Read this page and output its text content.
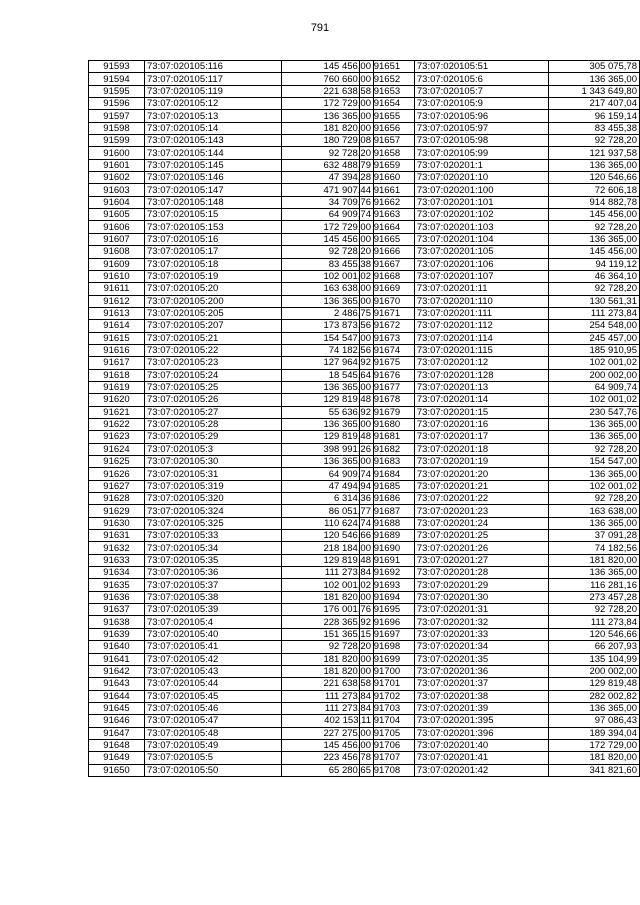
791
91593	73:07:020105:116	145 456,00
91594	73:07:020105:117	760 660,00
91595	73:07:020105:119	221 638,58
91596	73:07:020105:12	172 729,00
91597	73:07:020105:13	136 365,00
91598	73:07:020105:14	181 820,00
91599	73:07:020105:143	180 729,08
91600	73:07:020105:144	92 728,20
91601	73:07:020105:145	632 488,79
91602	73:07:020105:146	47 394,28
91603	73:07:020105:147	471 907,44
91604	73:07:020105:148	34 709,76
91605	73:07:020105:15	64 909,74
91606	73:07:020105:153	172 729,00
91607	73:07:020105:16	145 456,00
91608	73:07:020105:17	92 728,20
91609	73:07:020105:18	83 455,38
91610	73:07:020105:19	102 001,02
91611	73:07:020105:20	163 638,00
91612	73:07:020105:200	136 365,00
91613	73:07:020105:205	2 486,75
91614	73:07:020105:207	173 873,56
91615	73:07:020105:21	154 547,00
91616	73:07:020105:22	74 182,56
91617	73:07:020105:23	127 964,92
91618	73:07:020105:24	18 545,64
91619	73:07:020105:25	136 365,00
91620	73:07:020105:26	129 819,48
91621	73:07:020105:27	55 636,92
91622	73:07:020105:28	136 365,00
91623	73:07:020105:29	129 819,48
91624	73:07:020105:3	398 991,26
91625	73:07:020105:30	136 365,00
91626	73:07:020105:31	64 909,74
91627	73:07:020105:319	47 494,94
91628	73:07:020105:320	6 314,36
91629	73:07:020105:324	86 051,77
91630	73:07:020105:325	110 624,74
91631	73:07:020105:33	120 546,66
91632	73:07:020105:34	218 184,00
91633	73:07:020105:35	129 819,48
91634	73:07:020105:36	111 273,84
91635	73:07:020105:37	102 001,02
91636	73:07:020105:38	181 820,00
91637	73:07:020105:39	176 001,76
91638	73:07:020105:4	228 365,92
91639	73:07:020105:40	151 365,15
91640	73:07:020105:41	92 728,20
91641	73:07:020105:42	181 820,00
91642	73:07:020105:43	181 820,00
91643	73:07:020105:44	221 638,58
91644	73:07:020105:45	111 273,84
91645	73:07:020105:46	111 273,84
91646	73:07:020105:47	402 153,11
91647	73:07:020105:48	227 275,00
91648	73:07:020105:49	145 456,00
91649	73:07:020105:5	223 456,78
91650	73:07:020105:50	65 280,65
91651	73:07:020105:51	305 075,78
91652	73:07:020105:6	136 365,00
91653	73:07:020105:7	1 343 649,80
91654	73:07:020105:9	217 407,04
91655	73:07:020105:96	96 159,14
91656	73:07:020105:97	83 455,38
91657	73:07:020105:98	92 728,20
91658	73:07:020105:99	121 937,58
91659	73:07:020201:1	136 365,00
91660	73:07:020201:10	120 546,66
91661	73:07:020201:100	72 606,18
91662	73:07:020201:101	914 882,78
91663	73:07:020201:102	145 456,00
91664	73:07:020201:103	92 728,20
91665	73:07:020201:104	136 365,00
91666	73:07:020201:105	145 456,00
91667	73:07:020201:106	94 119,12
91668	73:07:020201:107	46 364,10
91669	73:07:020201:11	92 728,20
91670	73:07:020201:110	130 561,31
91671	73:07:020201:111	111 273,84
91672	73:07:020201:112	254 548,00
91673	73:07:020201:114	245 457,00
91674	73:07:020201:115	185 910,95
91675	73:07:020201:12	102 001,02
91676	73:07:020201:128	200 002,00
91677	73:07:020201:13	64 909,74
91678	73:07:020201:14	102 001,02
91679	73:07:020201:15	230 547,76
91680	73:07:020201:16	136 365,00
91681	73:07:020201:17	136 365,00
91682	73:07:020201:18	92 728,20
91683	73:07:020201:19	154 547,00
91684	73:07:020201:20	136 365,00
91685	73:07:020201:21	102 001,02
91686	73:07:020201:22	92 728,20
91687	73:07:020201:23	163 638,00
91688	73:07:020201:24	136 365,00
91689	73:07:020201:25	37 091,28
91690	73:07:020201:26	74 182,56
91691	73:07:020201:27	181 820,00
91692	73:07:020201:28	136 365,00
91693	73:07:020201:29	116 281,16
91694	73:07:020201:30	273 457,28
91695	73:07:020201:31	92 728,20
91696	73:07:020201:32	111 273,84
91697	73:07:020201:33	120 546,66
91698	73:07:020201:34	66 207,93
91699	73:07:020201:35	135 104,99
91700	73:07:020201:36	200 002,00
91701	73:07:020201:37	129 819,48
91702	73:07:020201:38	282 002,82
91703	73:07:020201:39	136 365,00
91704	73:07:020201:395	97 086,43
91705	73:07:020201:396	189 394,04
91706	73:07:020201:40	172 729,00
91707	73:07:020201:41	181 820,00
91708	73:07:020201:42	341 821,60
